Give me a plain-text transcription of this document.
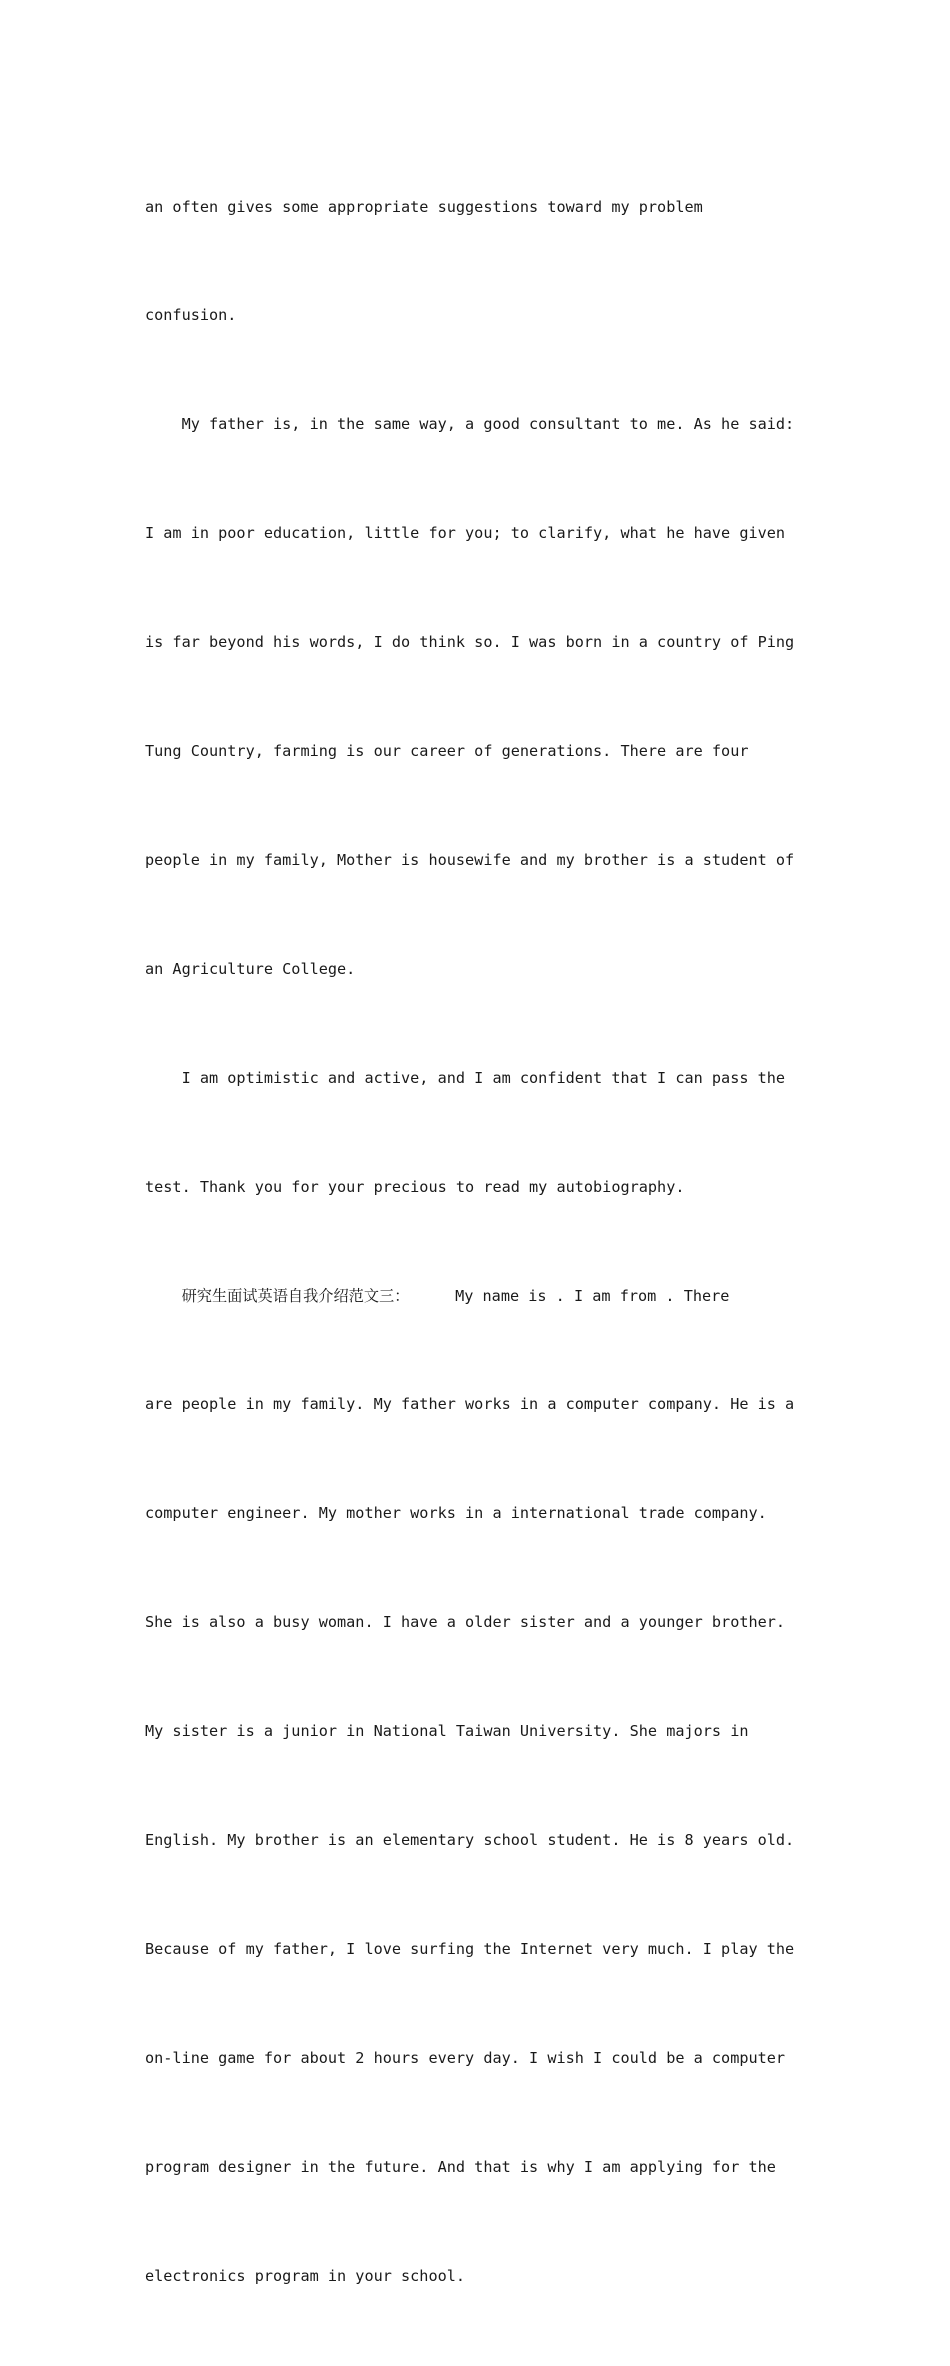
an often gives some appropriate suggestions toward my problem

confusion.

My father is, in the same way, a good consultant to me. As he said:

I am in poor education, little for you; to clarify, what he have given

is far beyond his words, I do think so. I was born in a country of Ping

Tung Country, farming is our career of generations. There are four

people in my family, Mother is housewife and my brother is a student of

an Agriculture College.

I am optimistic and active, and I am confident that I can pass the

test. Thank you for your precious to read my autobiography.

研究生面试英语自我介绍范文三：     My name is . I am from . There

are people in my family. My father works in a computer company. He is a

computer engineer. My mother works in a international trade company.

She is also a busy woman. I have a older sister and a younger brother.

My sister is a junior in National Taiwan University. She majors in

English. My brother is an elementary school student. He is 8 years old.

Because of my father, I love surfing the Internet very much. I play the

on-line game for about 2 hours every day. I wish I could be a computer

program designer in the future. And that is why I am applying for the

electronics program in your school.
